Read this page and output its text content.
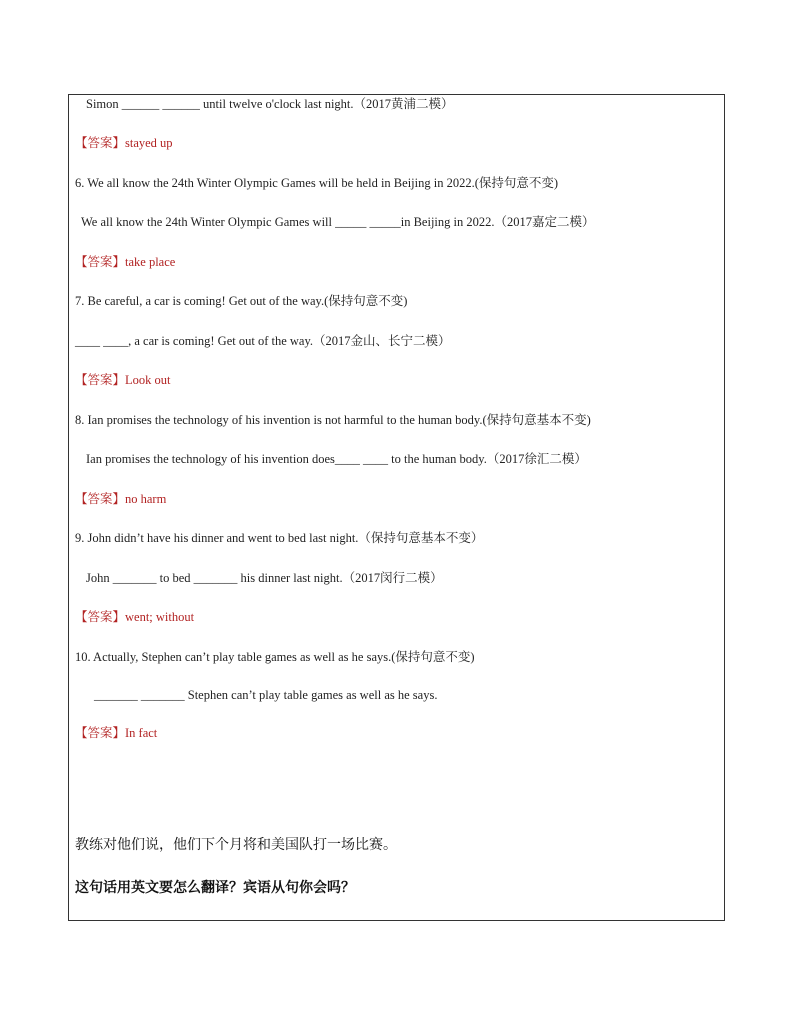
Simon ______ ______ until twelve o'clock last night.（2017黄浦二模）
【答案】stayed up
6. We all know the 24th Winter Olympic Games will be held in Beijing in 2022.(保持句意不变)
We all know the 24th Winter Olympic Games will _____ _____in Beijing in 2022.（2017嘉定二模）
【答案】take place
7. Be careful, a car is coming! Get out of the way.(保持句意不变)
____ ____, a car is coming! Get out of the way.（2017金山、长宁二模）
【答案】Look out
8. Ian promises the technology of his invention is not harmful to the human body.(保持句意基本不变)
Ian promises the technology of his invention does____ ____ to the human body.（2017徐汇二模）
【答案】no harm
9. John didn’t have his dinner and went to bed last night.（保持句意基本不变）
John _______ to bed _______ his dinner last night.（2017闵行二模）
【答案】went; without
10. Actually, Stephen can’t play table games as well as he says.(保持句意不变)
_______ _______ Stephen can’t play table games as well as he says.
【答案】In fact
教练对他们说，他们下个月将和美国队打一场比赛。
这句话用英文要怎么翻译？宾语从句你会吗？
